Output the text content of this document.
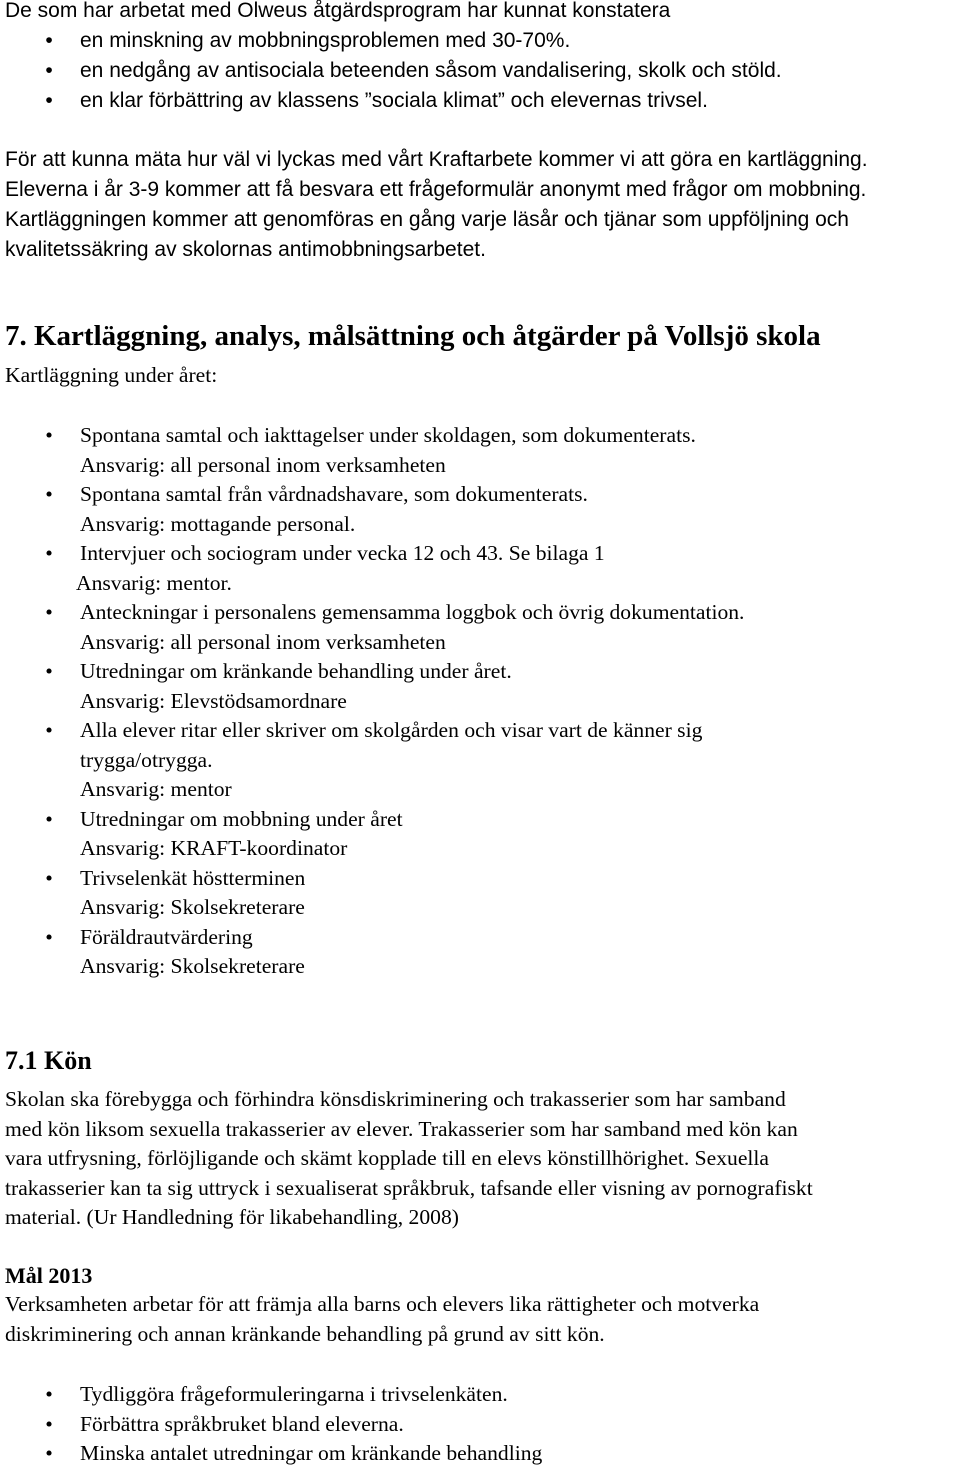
De som har arbetat med Olweus åtgärdsprogram har kunnat konstatera
• en minskning av mobbningsproblemen med 30-70%.
• en nedgång av antisociala beteenden såsom vandalisering, skolk och stöld.
• en klar förbättring av klassens ”sociala klimat” och elevernas trivsel.
För att kunna mäta hur väl vi lyckas med vårt Kraftarbete kommer vi att göra en kartläggning.
Eleverna i år 3-9 kommer att få besvara ett frågeformulär anonymt med frågor om mobbning.
Kartläggningen kommer att genomföras en gång varje läsår och tjänar som uppföljning och
kvalitetssäkring av skolornas antimobbningsarbetet.
7. Kartläggning, analys, målsättning och åtgärder på Vollsjö skola
Kartläggning under året:
• Spontana samtal och iakttagelser under skoldagen, som dokumenterats.
Ansvarig: all personal inom verksamheten
• Spontana samtal från vårdnadshavare, som dokumenterats.
Ansvarig: mottagande personal.
• Intervjuer och sociogram under vecka 12 och 43. Se bilaga 1
Ansvarig: mentor.
• Anteckningar i personalens gemensamma loggbok och övrig dokumentation.
Ansvarig: all personal inom verksamheten
• Utredningar om kränkande behandling under året.
Ansvarig: Elevstödsamordnare
• Alla elever ritar eller skriver om skolgården och visar vart de känner sig
trygga/otrygga.
Ansvarig: mentor
• Utredningar om mobbning under året
Ansvarig: KRAFT-koordinator
• Trivselenkät höstterminen
Ansvarig: Skolsekreterare
• Föräldrautvärdering
Ansvarig: Skolsekreterare
7.1 Kön
Skolan ska förebygga och förhindra könsdiskriminering och trakasserier som har samband
med kön liksom sexuella trakasserier av elever. Trakasserier som har samband med kön kan
vara utfrysning, förlöjligande och skämt kopplade till en elevs könstillhörighet. Sexuella
trakasserier kan ta sig uttryck i sexualiserat språkbruk, tafsande eller visning av pornografiskt
material. (Ur Handledning för likabehandling, 2008)
Mål 2013
Verksamheten arbetar för att främja alla barns och elevers lika rättigheter och motverka
diskriminering och annan kränkande behandling på grund av sitt kön.
• Tydliggöra frågeformuleringarna i trivselenkäten.
• Förbättra språkbruket bland eleverna.
• Minska antalet utredningar om kränkande behandling
